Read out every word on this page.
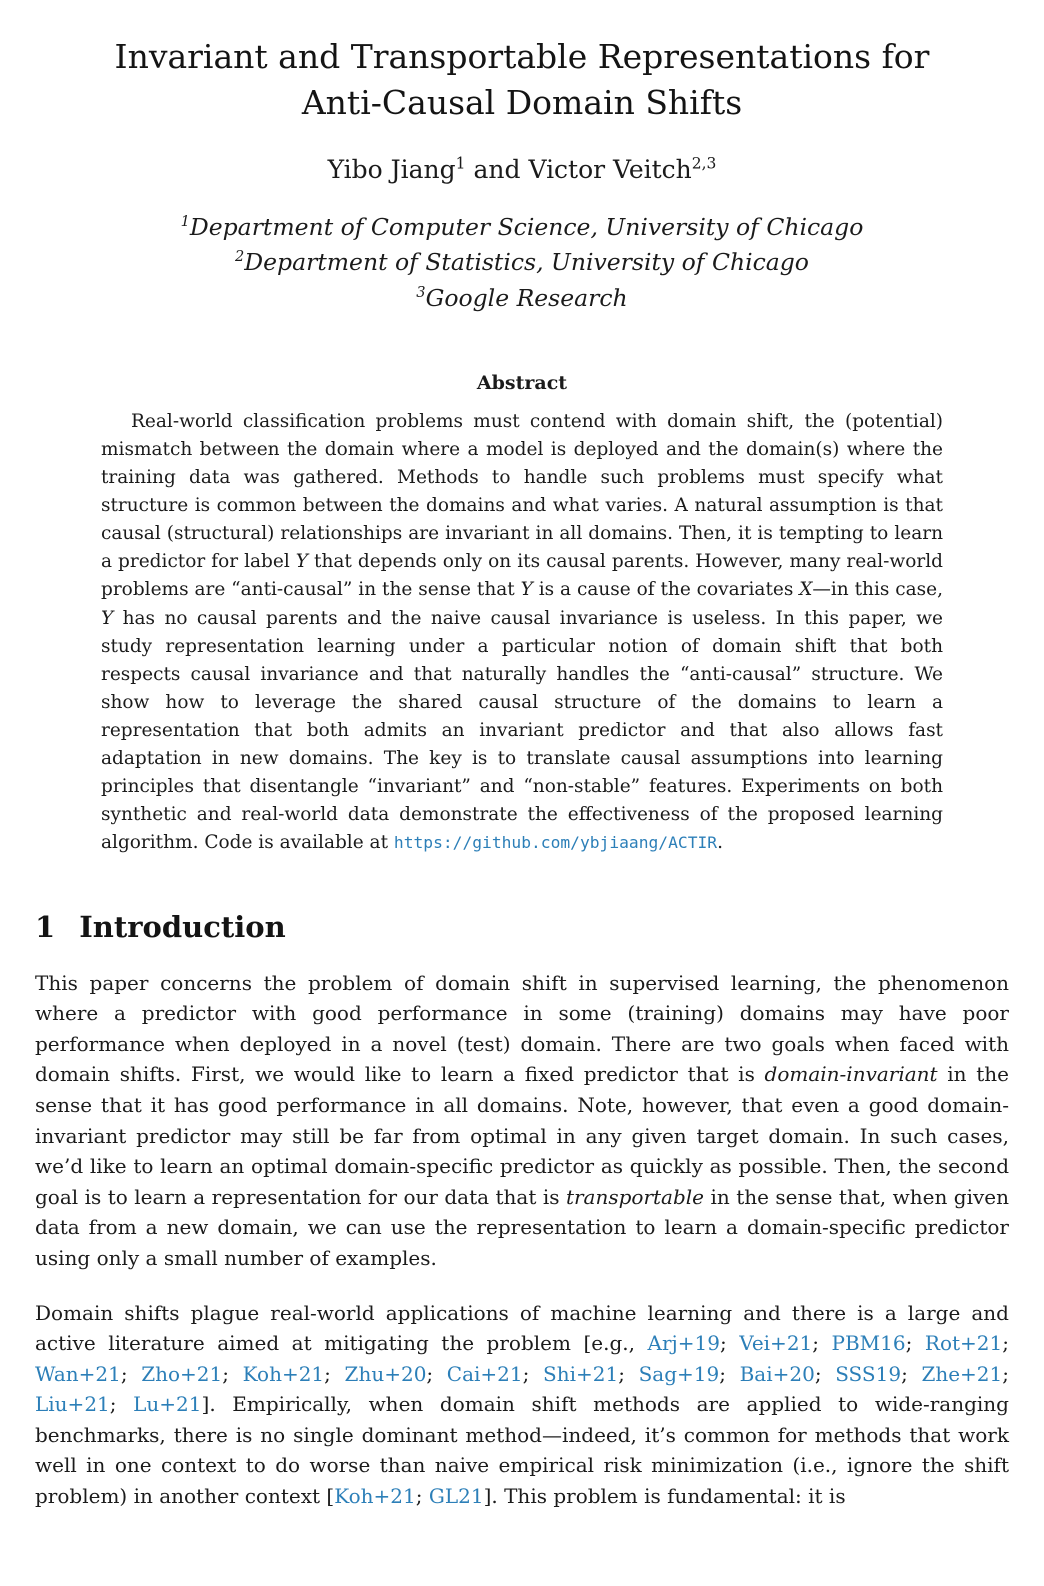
Invariant and Transportable Representations for
Anti-Causal Domain Shifts
Yibo Jiang$^1$ and Victor Veitch$^{2,3}$
$^1$Department of Computer Science, University of Chicago
$^2$Department of Statistics, University of Chicago
$^3$Google Research
Abstract

Real-world classification problems must contend with domain shift, the (potential) mismatch between the domain where a model is deployed and the domain(s) where the training data was gathered. Methods to handle such problems must specify what structure is common between the domains and what varies. A natural assumption is that causal (structural) relationships are invariant in all domains. Then, it is tempting to learn a predictor for label Y that depends only on its causal parents. However, many real-world problems are “anti-causal” in the sense that Y is a cause of the covariates X—in this case, Y has no causal parents and the naive causal invariance is useless. In this paper, we study representation learning under a particular notion of domain shift that both respects causal invariance and that naturally handles the “anti-causal” structure. We show how to leverage the shared causal structure of the domains to learn a representation that both admits an invariant predictor and that also allows fast adaptation in new domains. The key is to translate causal assumptions into learning principles that disentangle “invariant” and “non-stable” features. Experiments on both synthetic and real-world data demonstrate the effectiveness of the proposed learning algorithm. Code is available at https://github.com/ybjiaang/ACTIR.

1 Introduction

This paper concerns the problem of domain shift in supervised learning, the phenomenon where a predictor with good performance in some (training) domains may have poor performance when deployed in a novel (test) domain. There are two goals when faced with domain shifts. First, we would like to learn a fixed predictor that is domain-invariant in the sense that it has good performance in all domains. Note, however, that even a good domain-invariant predictor may still be far from optimal in any given target domain. In such cases, we’d like to learn an optimal domain-specific predictor as quickly as possible. Then, the second goal is to learn a representation for our data that is transportable in the sense that, when given data from a new domain, we can use the representation to learn a domain-specific predictor using only a small number of examples.

Domain shifts plague real-world applications of machine learning and there is a large and active literature aimed at mitigating the problem [e.g., Arj+19; Vei+21; PBM16; Rot+21; Wan+21; Zho+21; Koh+21; Zhu+20; Cai+21; Shi+21; Sag+19; Bai+20; SSS19; Zhe+21; Liu+21; Lu+21]. Empirically, when domain shift methods are applied to wide-ranging benchmarks, there is no single dominant method—indeed, it’s common for methods that work well in one context to do worse than naive empirical risk minimization (i.e., ignore the shift problem) in another context [Koh+21; GL21]. This problem is fundamental: it is
